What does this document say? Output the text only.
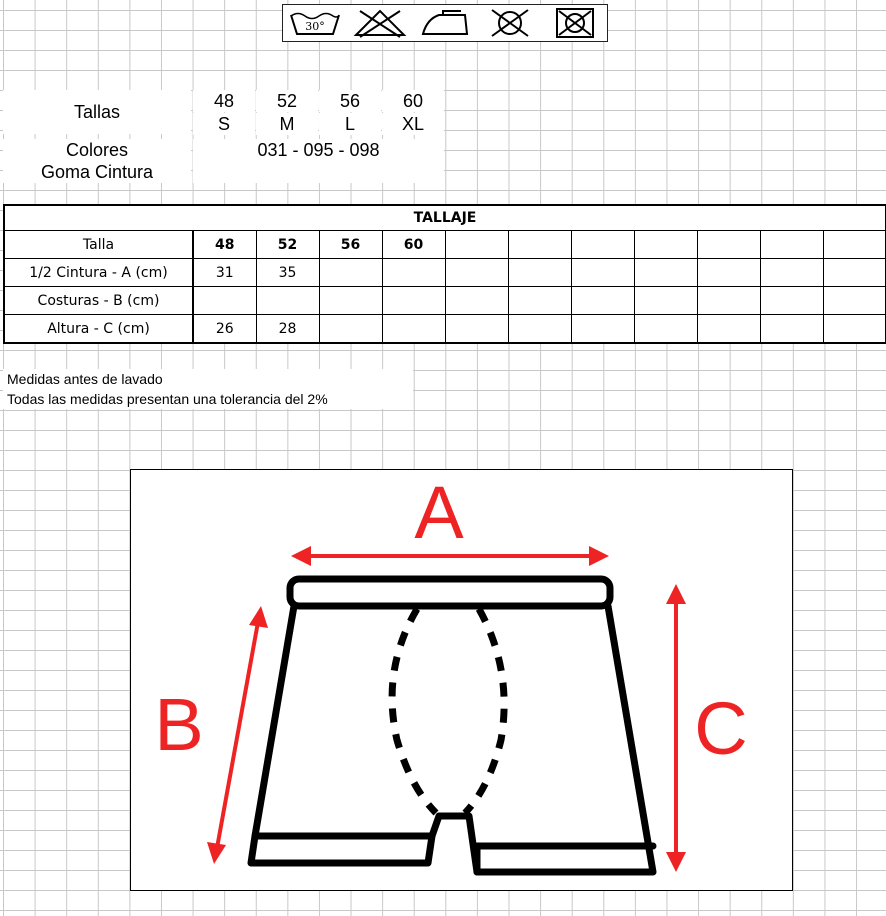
30°
Tallas
48	52	56	60
S	M	L	XL
Colores	031 - 095 - 098
Goma Cintura
TALLAJE											
Talla	48	52	56	60							
1/2 Cintura - A (cm)	31	35									
Costuras - B (cm)											
Altura - C (cm)	26	28									
Medidas antes de lavado
Todas las medidas presentan una tolerancia del 2%
A
B	C
